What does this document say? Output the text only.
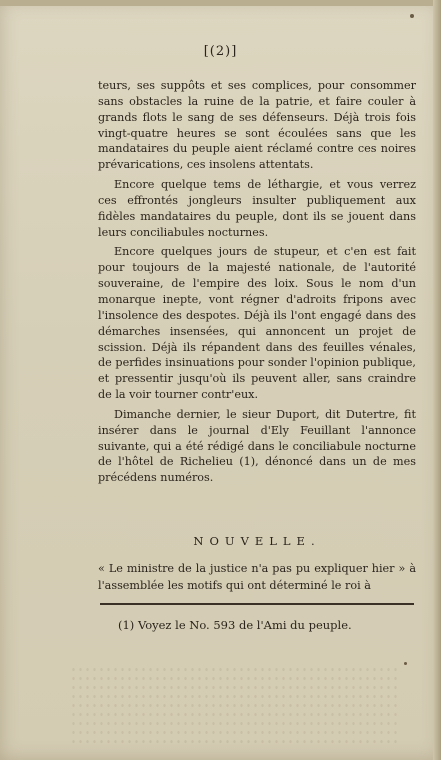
[(2)]

teurs, ses suppôts et ses complices, pour consommer sans obstacles la ruine de la patrie, et faire couler à grands flots le sang de ses défenseurs. Déjà trois fois vingt-quatre heures se sont écoulées sans que les mandataires du peuple aient réclamé contre ces noires prévarications, ces insolens attentats.

Encore quelque tems de léthargie, et vous verrez ces effrontés jongleurs insulter publiquement aux fidèles mandataires du peuple, dont ils se jouent dans leurs conciliabules nocturnes.

Encore quelques jours de stupeur, et c'en est fait pour toujours de la majesté nationale, de l'autorité souveraine, de l'empire des loix. Sous le nom d'un monarque inepte, vont régner d'adroits fripons avec l'insolence des despotes. Déjà ils l'ont engagé dans des démarches insensées, qui annoncent un projet de scission. Déjà ils répandent dans des feuilles vénales, de perfides insinuations pour sonder l'opinion publique, et pressentir jusqu'où ils peuvent aller, sans craindre de la voir tourner contr'eux.

Dimanche dernier, le sieur Duport, dit Dutertre, fit insérer dans le journal d'Ely Feuillant l'annonce suivante, qui a été rédigé dans le conciliabule nocturne de l'hôtel de Richelieu (1), dénoncé dans un de mes précédens numéros.

NOUVELLE.
« Le ministre de la justice n'a pas pu expliquer hier » à l'assemblée les motifs qui ont déterminé le roi à
(1) Voyez le No. 593 de l'Ami du peuple.
